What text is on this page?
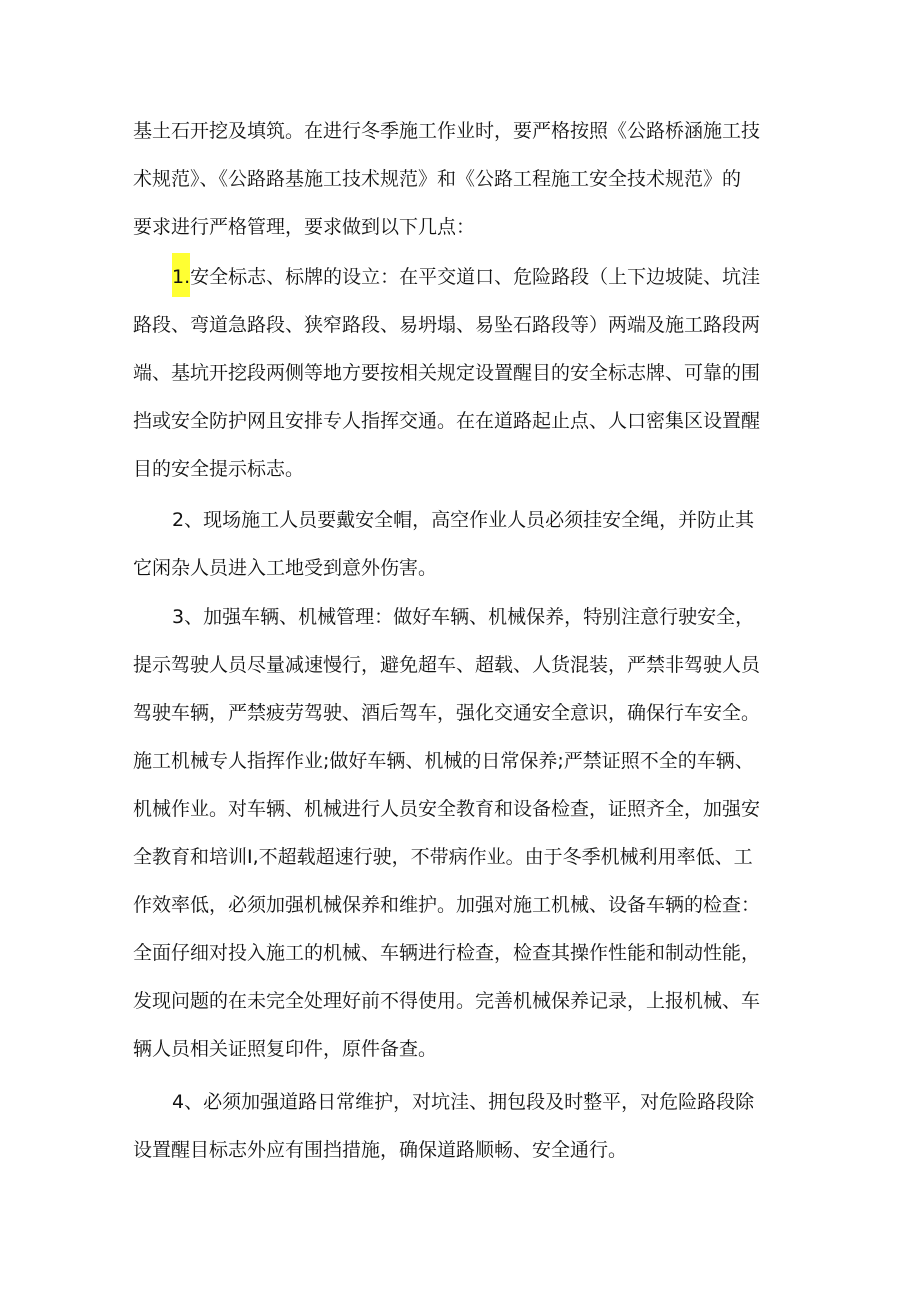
基土石开挖及填筑。在进行冬季施工作业时，要严格按照《公路桥涵施工技
术规范》、《公路路基施工技术规范》和《公路工程施工安全技术规范》的
要求进行严格管理，要求做到以下几点：
1.安全标志、标牌的设立：在平交道口、危险路段（上下边坡陡、坑洼
路段、弯道急路段、狭窄路段、易坍塌、易坠石路段等）两端及施工路段两
端、基坑开挖段两侧等地方要按相关规定设置醒目的安全标志牌、可靠的围
挡或安全防护网且安排专人指挥交通。在在道路起止点、人口密集区设置醒
目的安全提示标志。
2、现场施工人员要戴安全帽，高空作业人员必须挂安全绳，并防止其
它闲杂人员进入工地受到意外伤害。
3、加强车辆、机械管理：做好车辆、机械保养，特别注意行驶安全，
提示驾驶人员尽量减速慢行，避免超车、超载、人货混装，严禁非驾驶人员
驾驶车辆，严禁疲劳驾驶、酒后驾车，强化交通安全意识，确保行车安全。
施工机械专人指挥作业;做好车辆、机械的日常保养;严禁证照不全的车辆、
机械作业。对车辆、机械进行人员安全教育和设备检查，证照齐全，加强安
全教育和培训I,不超载超速行驶，不带病作业。由于冬季机械利用率低、工
作效率低，必须加强机械保养和维护。加强对施工机械、设备车辆的检查：
全面仔细对投入施工的机械、车辆进行检查，检查其操作性能和制动性能，
发现问题的在未完全处理好前不得使用。完善机械保养记录，上报机械、车
辆人员相关证照复印件，原件备查。
4、必须加强道路日常维护，对坑洼、拥包段及时整平，对危险路段除
设置醒目标志外应有围挡措施，确保道路顺畅、安全通行。
